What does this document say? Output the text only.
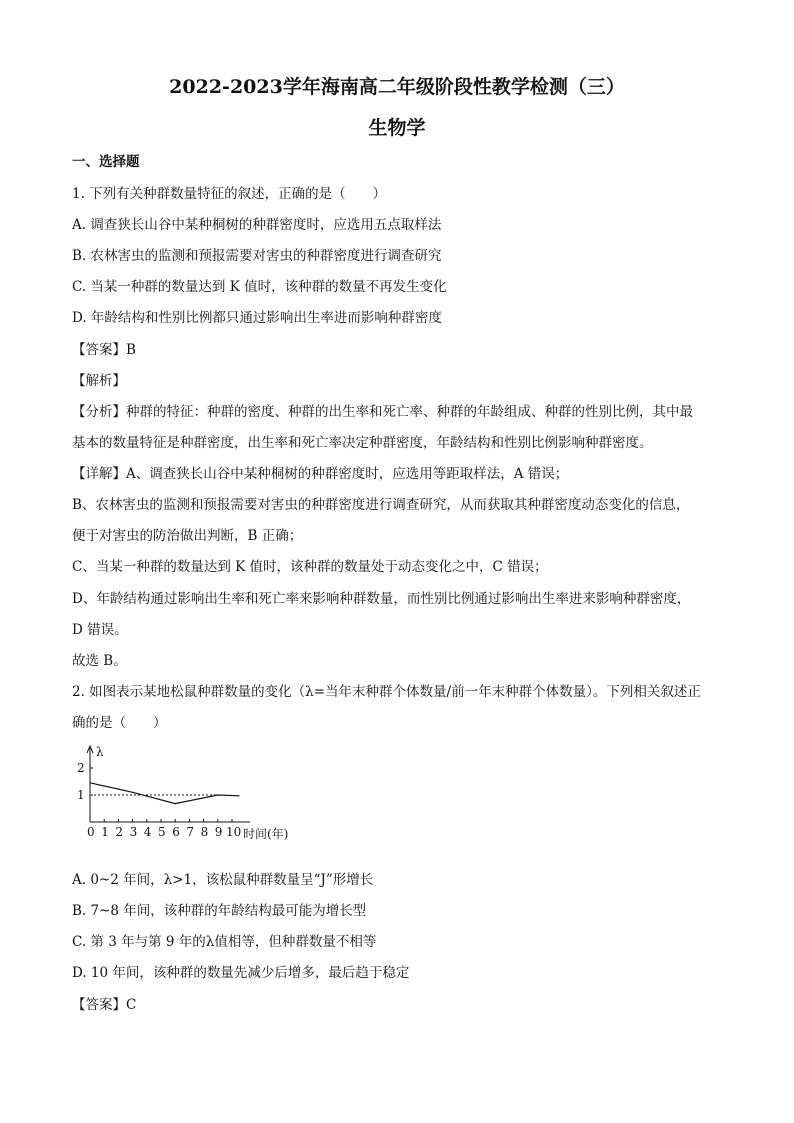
2022-2023学年海南高二年级阶段性教学检测（三）
生物学
一、选择题
1. 下列有关种群数量特征的叙述，正确的是（　　）
A. 调查狭长山谷中某种桐树的种群密度时，应选用五点取样法
B. 农林害虫的监测和预报需要对害虫的种群密度进行调查研究
C. 当某一种群的数量达到 K 值时，该种群的数量不再发生变化
D. 年龄结构和性别比例都只通过影响出生率进而影响种群密度
【答案】B
【解析】
【分析】种群的特征：种群的密度、种群的出生率和死亡率、种群的年龄组成、种群的性别比例，其中最
基本的数量特征是种群密度，出生率和死亡率决定种群密度，年龄结构和性别比例影响种群密度。
【详解】A、调查狭长山谷中某种桐树的种群密度时，应选用等距取样法，A 错误；
B、农林害虫的监测和预报需要对害虫的种群密度进行调查研究，从而获取其种群密度动态变化的信息，
便于对害虫的防治做出判断，B 正确；
C、当某一种群的数量达到 K 值时，该种群的数量处于动态变化之中，C 错误；
D、年龄结构通过影响出生率和死亡率来影响种群数量，而性别比例通过影响出生率进来影响种群密度，
D 错误。
故选 B。
2. 如图表示某地松鼠种群数量的变化（λ=当年末种群个体数量/前一年末种群个体数量）。下列相关叙述正
确的是（　　）
λ
1
2
0 1 2 3 4 5 6 7 8 9 10 时间(年)
A. 0~2 年间，λ>1，该松鼠种群数量呈“J”形增长
B. 7~8 年间，该种群的年龄结构最可能为增长型
C. 第 3 年与第 9 年的λ值相等，但种群数量不相等
D. 10 年间，该种群的数量先减少后增多，最后趋于稳定
【答案】C
